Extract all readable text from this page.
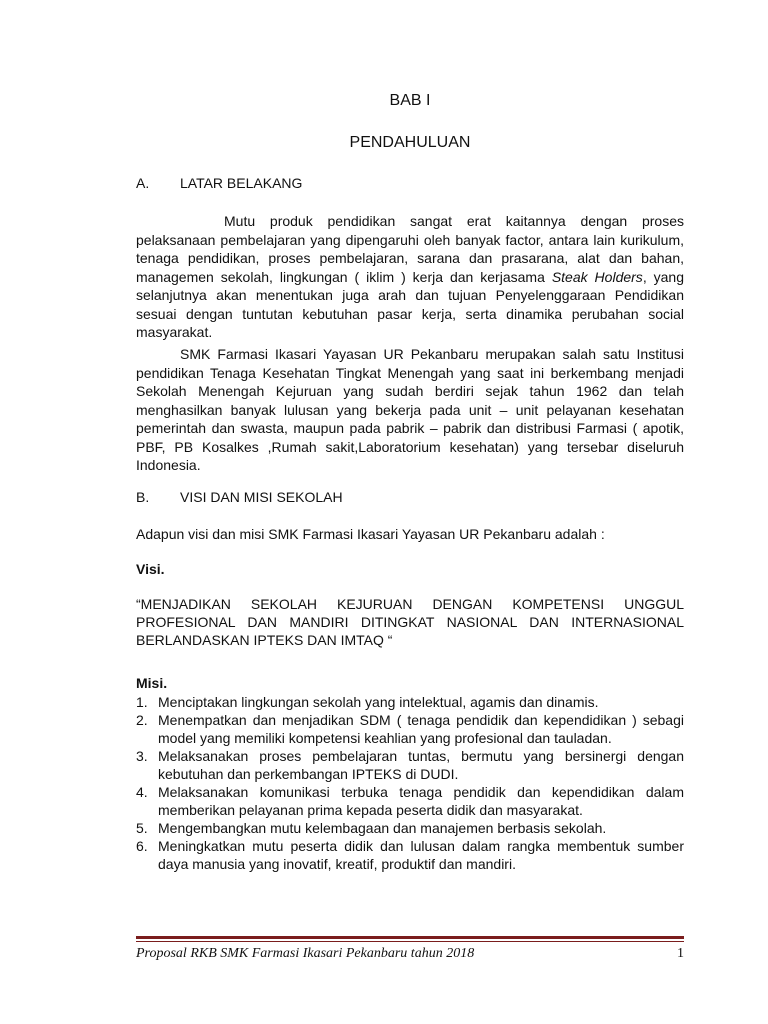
BAB I
PENDAHULUAN
A. LATAR BELAKANG
Mutu produk pendidikan sangat erat kaitannya dengan proses pelaksanaan pembelajaran yang dipengaruhi oleh banyak factor, antara lain kurikulum, tenaga pendidikan, proses pembelajaran, sarana dan prasarana, alat dan bahan, managemen sekolah, lingkungan ( iklim ) kerja dan kerjasama Steak Holders, yang selanjutnya akan menentukan juga arah dan tujuan Penyelenggaraan Pendidikan sesuai dengan tuntutan kebutuhan pasar kerja, serta dinamika perubahan social masyarakat.
SMK Farmasi Ikasari Yayasan UR Pekanbaru merupakan salah satu Institusi pendidikan Tenaga Kesehatan Tingkat Menengah yang saat ini berkembang menjadi Sekolah Menengah Kejuruan yang sudah berdiri sejak tahun 1962 dan telah menghasilkan banyak lulusan yang bekerja pada unit – unit pelayanan kesehatan pemerintah dan swasta, maupun pada pabrik – pabrik dan distribusi Farmasi ( apotik, PBF, PB Kosalkes ,Rumah sakit,Laboratorium kesehatan) yang tersebar diseluruh Indonesia.
B. VISI DAN MISI SEKOLAH
Adapun visi dan misi SMK Farmasi Ikasari Yayasan UR Pekanbaru adalah :
Visi.
“MENJADIKAN SEKOLAH KEJURUAN DENGAN KOMPETENSI UNGGUL PROFESIONAL DAN MANDIRI DITINGKAT NASIONAL DAN INTERNASIONAL BERLANDASKAN IPTEKS DAN IMTAQ “
Misi.
1. Menciptakan lingkungan sekolah yang intelektual, agamis dan dinamis.
2. Menempatkan dan menjadikan SDM ( tenaga pendidik dan kependidikan ) sebagi model yang memiliki kompetensi keahlian yang profesional dan tauladan.
3. Melaksanakan proses pembelajaran tuntas, bermutu yang bersinergi dengan kebutuhan dan perkembangan IPTEKS di DUDI.
4. Melaksanakan komunikasi terbuka tenaga pendidik dan kependidikan dalam memberikan pelayanan prima kepada peserta didik dan masyarakat.
5. Mengembangkan mutu kelembagaan dan manajemen berbasis sekolah.
6. Meningkatkan mutu peserta didik dan lulusan dalam rangka membentuk sumber daya manusia yang inovatif, kreatif, produktif dan mandiri.
Proposal RKB SMK Farmasi Ikasari Pekanbaru tahun 2018	1
